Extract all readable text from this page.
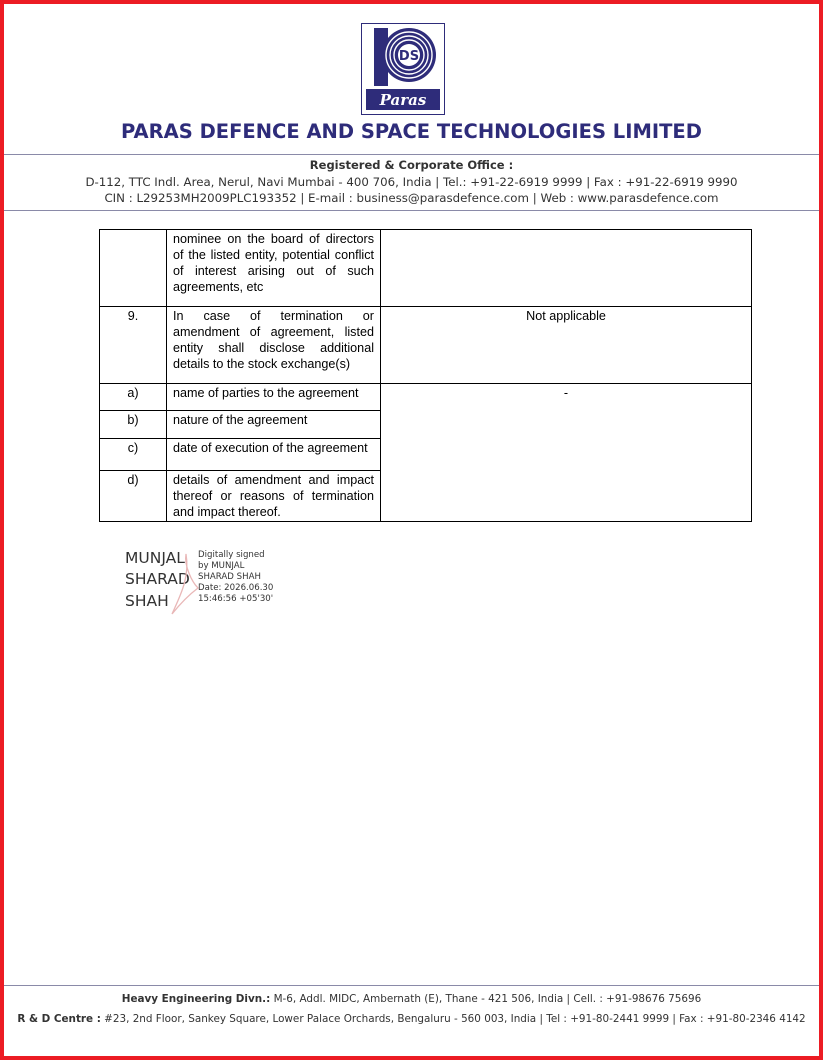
DS
Paras
PARAS DEFENCE AND SPACE TECHNOLOGIES LIMITED
Registered & Corporate Office :
D-112, TTC Indl. Area, Nerul, Navi Mumbai - 400 706, India | Tel.: +91-22-6919 9999 | Fax : +91-22-6919 9990
CIN : L29253MH2009PLC193352 | E-mail : business@parasdefence.com | Web : www.parasdefence.com
	nominee on the board of directors of the listed entity, potential conflict of interest arising out of such agreements, etc	
9.	In case of termination or amendment of agreement, listed entity shall disclose additional details to the stock exchange(s)	Not applicable
a)	name of parties to the agreement	-
b)	nature of the agreement	
c)	date of execution of the agreement	
d)	details of amendment and impact thereof or reasons of termination and impact thereof.	
MUNJAL
SHARAD
SHAH
Digitally signed
by MUNJAL
SHARAD SHAH
Date: 2026.06.30
15:46:56 +05'30'
Heavy Engineering Divn.: M-6, Addl. MIDC, Ambernath (E), Thane - 421 506, India | Cell. : +91-98676 75696
R & D Centre : #23, 2nd Floor, Sankey Square, Lower Palace Orchards, Bengaluru - 560 003, India | Tel : +91-80-2441 9999 | Fax : +91-80-2346 4142
